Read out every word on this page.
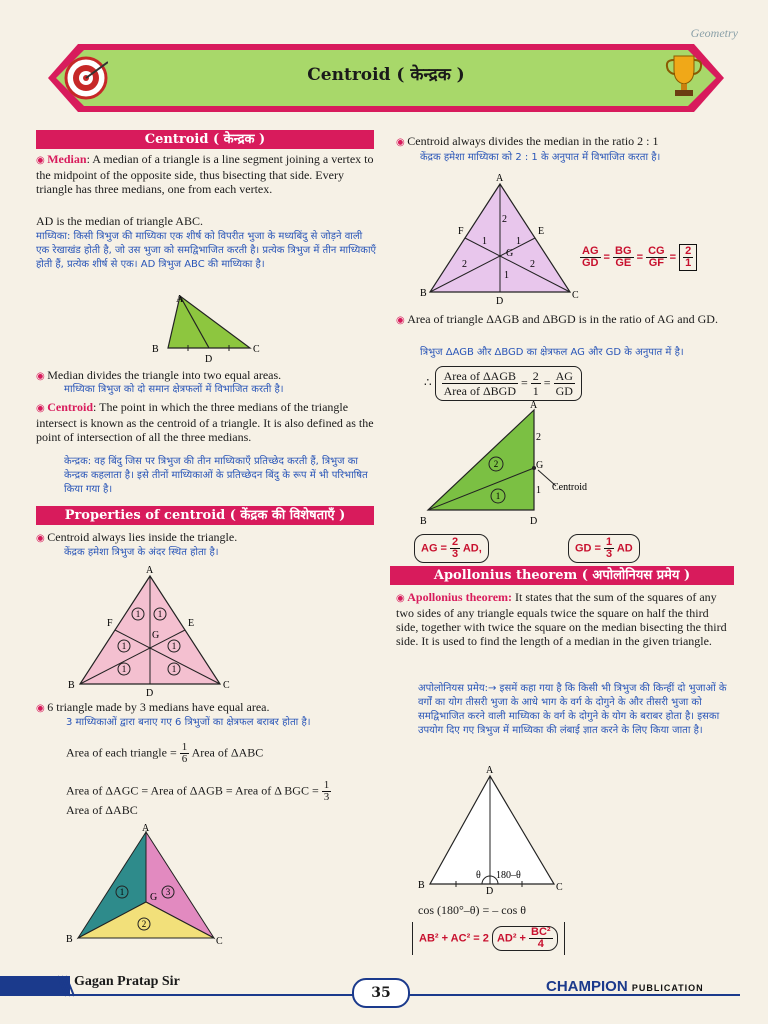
Geometry
Centroid ( केन्द्रक )
Centroid ( केन्द्रक )
◉ Median: A median of a triangle is a line segment joining a vertex to the midpoint of the opposite side, thus bisecting that side. Every triangle has three medians, one from each vertex.
AD is the median of triangle ABC.
माध्यिका: किसी त्रिभुज की माध्यिका एक शीर्ष को विपरीत भुजा के मध्यबिंदु से जोड़ने वाली एक रेखाखंड होती है, जो उस भुजा को समद्विभाजित करती है। प्रत्येक त्रिभुज में तीन माध्यिकाएँ होती हैं, प्रत्येक शीर्ष से एक। AD त्रिभुज ABC की माध्यिका है।
A
B	C
D
◉ Median divides the triangle into two equal areas.
माध्यिका त्रिभुज को दो समान क्षेत्रफलों में विभाजित करती है।
◉ Centroid: The point in which the three medians of the triangle intersect is known as the centroid of a triangle. It is also defined as the point of intersection of all the three medians.
केन्द्रक: वह बिंदु जिस पर त्रिभुज की तीन माध्यिकाएँ प्रतिच्छेद करती हैं, त्रिभुज का केन्द्रक कहलाता है। इसे तीनों माध्यिकाओं के प्रतिच्छेदन बिंदु के रूप में भी परिभाषित किया गया है।
Properties of centroid ( केंद्रक की विशेषताएँ )
◉ Centroid always lies inside the triangle.
केंद्रक हमेशा त्रिभुज के अंदर स्थित होता है।
1 1
1	1
1	1
A
B	C
D
E
F
G
◉ 6 triangle made by 3 medians have equal area.
3 माध्यिकाओं द्वारा बनाए गए 6 त्रिभुजों का क्षेत्रफल बराबर होता है।
Area of each triangle = $\frac{1}{6}$ Area of ΔABC
Area of ΔAGC = Area of ΔAGB = Area of Δ BGC = $\frac{1}{3}$
Area of ΔABC
1	3
2
A
B	C
G
◉ Centroid always divides the median in the ratio 2 : 1
केंद्रक हमेशा माध्यिका को 2 : 1 के अनुपात में विभाजित करता है।
A
B	C
D
E
F
G
2
1
2	2
1	1
$\frac{AG}{GD} = \frac{BG}{GE} = \frac{CG}{GF} = \frac{2}{1}$
◉ Area of triangle ΔAGB and ΔBGD is in the ratio of AG and GD.
त्रिभुज ΔAGB और ΔBGD का क्षेत्रफल AG और GD के अनुपात में है।
∴ $\frac{\text{Area of ΔAGB}}{\text{Area of ΔBGD}} = \frac{2}{1} = \frac{AG}{GD}$
A
B	D
G
2
1 Centroid
2
1
AG = $\frac{2}{3}$ AD,	GD = $\frac{1}{3}$ AD
Apollonius theorem ( अपोलोनियस प्रमेय )
◉ Apollonius theorem: It states that the sum of the squares of any two sides of any triangle equals twice the square on half the third side, together with twice the square on the median bisecting the third side. It is used to find the length of a median in the given triangle.
अपोलोनियस प्रमेय:→ इसमें कहा गया है कि किसी भी त्रिभुज की किन्हीं दो भुजाओं के वर्गों का योग तीसरी भुजा के आधे भाग के वर्ग के दोगुने के और तीसरी भुजा को समद्विभाजित करने वाली माध्यिका के वर्ग के दोगुने के योग के बराबर होता है। इसका उपयोग दिए गए त्रिभुज में माध्यिका की लंबाई ज्ञात करने के लिए किया जाता है।
A
B	C
D
θ 180–θ
cos (180°–θ) = – cos θ
AB² + AC² = 2 $AD^2 + \frac{\text{BC²}}{4}$
Gagan Pratap Sir
35	CHAMPION PUBLICATION
